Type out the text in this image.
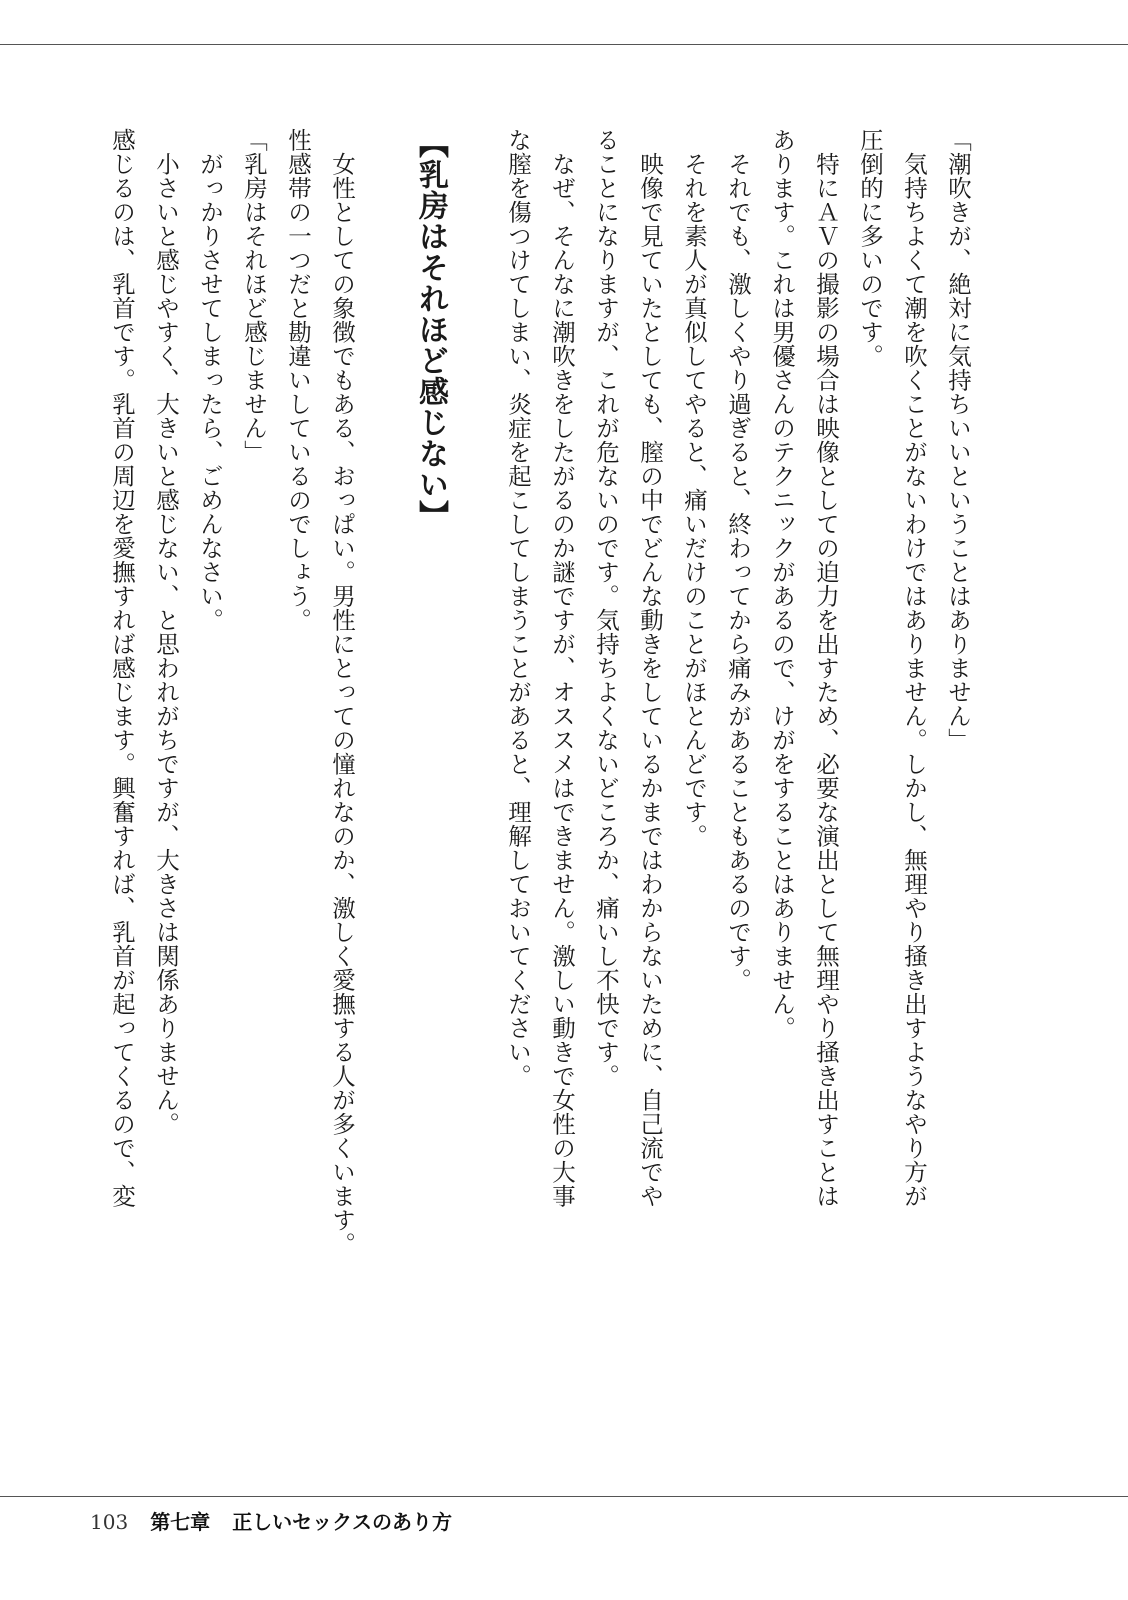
「潮吹きが、絶対に気持ちいいということはありません」
気持ちよくて潮を吹くことがないわけではありません。しかし、無理やり掻き出すようなやり方が
圧倒的に多いのです。
特にＡＶの撮影の場合は映像としての迫力を出すため、必要な演出として無理やり掻き出すことは
あります。これは男優さんのテクニックがあるので、けがをすることはありません。
それでも、激しくやり過ぎると、終わってから痛みがあることもあるのです。
それを素人が真似してやると、痛いだけのことがほとんどです。
映像で見ていたとしても、膣の中でどんな動きをしているかまではわからないために、自己流でや
ることになりますが、これが危ないのです。気持ちよくないどころか、痛いし不快です。
なぜ、そんなに潮吹きをしたがるのか謎ですが、オススメはできません。激しい動きで女性の大事
な膣を傷つけてしまい、炎症を起こしてしまうことがあると、理解しておいてください。
【乳房はそれほど感じない】
女性としての象徴でもある、おっぱい。男性にとっての憧れなのか、激しく愛撫する人が多くいます。
性感帯の一つだと勘違いしているのでしょう。
「乳房はそれほど感じません」
がっかりさせてしまったら、ごめんなさい。
小さいと感じやすく、大きいと感じない、と思われがちですが、大きさは関係ありません。
感じるのは、乳首です。乳首の周辺を愛撫すれば感じます。興奮すれば、乳首が起ってくるので、変
103 第七章 正しいセックスのあり方
